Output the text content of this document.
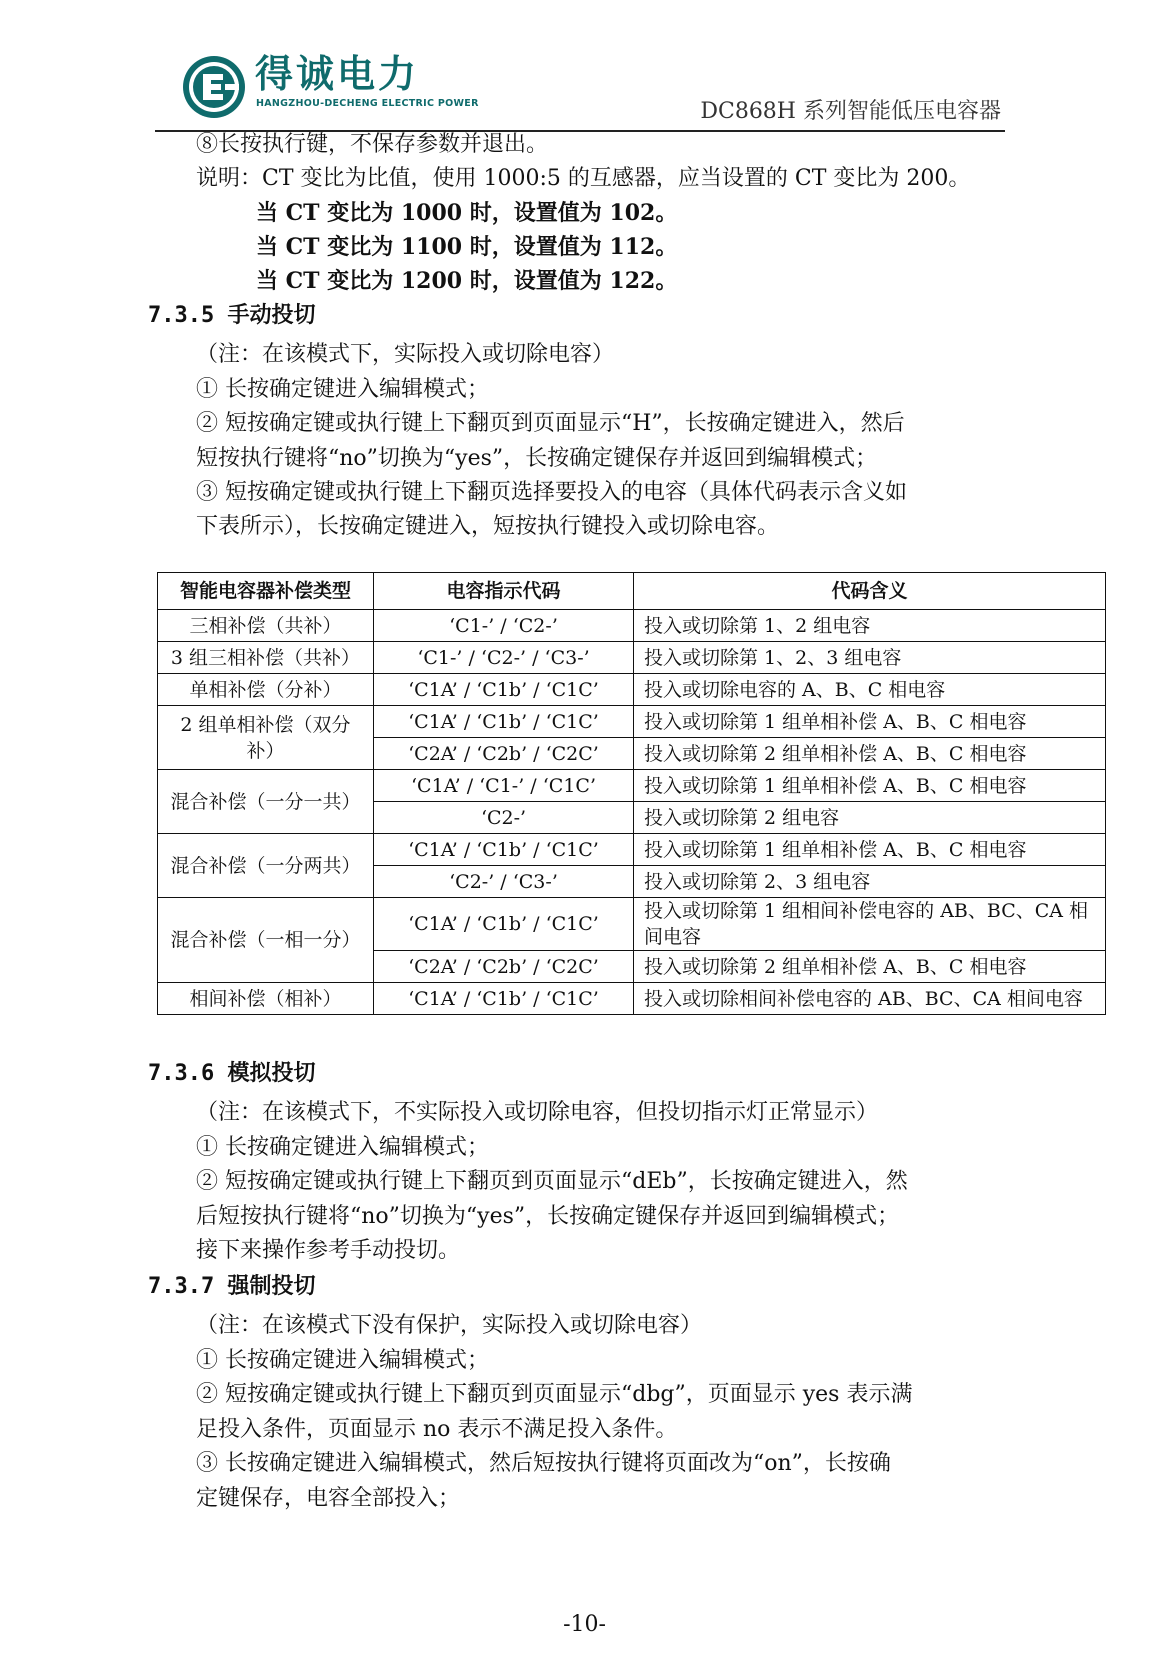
得诚电力
HANGZHOU-DECHENG ELECTRIC POWER	DC868H 系列智能低压电容器
⑧长按执行键，不保存参数并退出。
说明：CT 变比为比值，使用 1000:5 的互感器，应当设置的 CT 变比为 200。
当 CT 变比为 1000 时，设置值为 102。
当 CT 变比为 1100 时，设置值为 112。
当 CT 变比为 1200 时，设置值为 122。
7.3.5 手动投切
（注：在该模式下，实际投入或切除电容）
① 长按确定键进入编辑模式；
② 短按确定键或执行键上下翻页到页面显示“H”，长按确定键进入，然后
短按执行键将“no”切换为“yes”，长按确定键保存并返回到编辑模式；
③ 短按确定键或执行键上下翻页选择要投入的电容（具体代码表示含义如
下表所示），长按确定键进入，短按执行键投入或切除电容。
智能电容器补偿类型	电容指示代码	代码含义
三相补偿（共补）	‘C1-’ / ‘C2-’	投入或切除第 1、2 组电容
3 组三相补偿（共补）	‘C1-’ / ‘C2-’ / ‘C3-’	投入或切除第 1、2、3 组电容
单相补偿（分补）	‘C1A’ / ‘C1b’ / ‘C1C’	投入或切除电容的 A、B、C 相电容
2 组单相补偿（双分补）	‘C1A’ / ‘C1b’ / ‘C1C’	投入或切除第 1 组单相补偿 A、B、C 相电容
	‘C2A’ / ‘C2b’ / ‘C2C’	投入或切除第 2 组单相补偿 A、B、C 相电容
混合补偿（一分一共）	‘C1A’ / ‘C1-’ / ‘C1C’	投入或切除第 1 组单相补偿 A、B、C 相电容
	‘C2-’	投入或切除第 2 组电容
混合补偿（一分两共）	‘C1A’ / ‘C1b’ / ‘C1C’	投入或切除第 1 组单相补偿 A、B、C 相电容
	‘C2-’ / ‘C3-’	投入或切除第 2、3 组电容
混合补偿（一相一分）	‘C1A’ / ‘C1b’ / ‘C1C’	投入或切除第 1 组相间补偿电容的 AB、BC、CA 相间电容
	‘C2A’ / ‘C2b’ / ‘C2C’	投入或切除第 2 组单相补偿 A、B、C 相电容
相间补偿（相补）	‘C1A’ / ‘C1b’ / ‘C1C’	投入或切除相间补偿电容的 AB、BC、CA 相间电容
7.3.6 模拟投切
（注：在该模式下，不实际投入或切除电容，但投切指示灯正常显示）
① 长按确定键进入编辑模式；
② 短按确定键或执行键上下翻页到页面显示“dEb”，长按确定键进入，然
后短按执行键将“no”切换为“yes”，长按确定键保存并返回到编辑模式；
接下来操作参考手动投切。
7.3.7 强制投切
（注：在该模式下没有保护，实际投入或切除电容）
① 长按确定键进入编辑模式；
② 短按确定键或执行键上下翻页到页面显示“dbg”，页面显示 yes 表示满
足投入条件，页面显示 no 表示不满足投入条件。
③ 长按确定键进入编辑模式，然后短按执行键将页面改为“on”，长按确
定键保存，电容全部投入；
-10-
